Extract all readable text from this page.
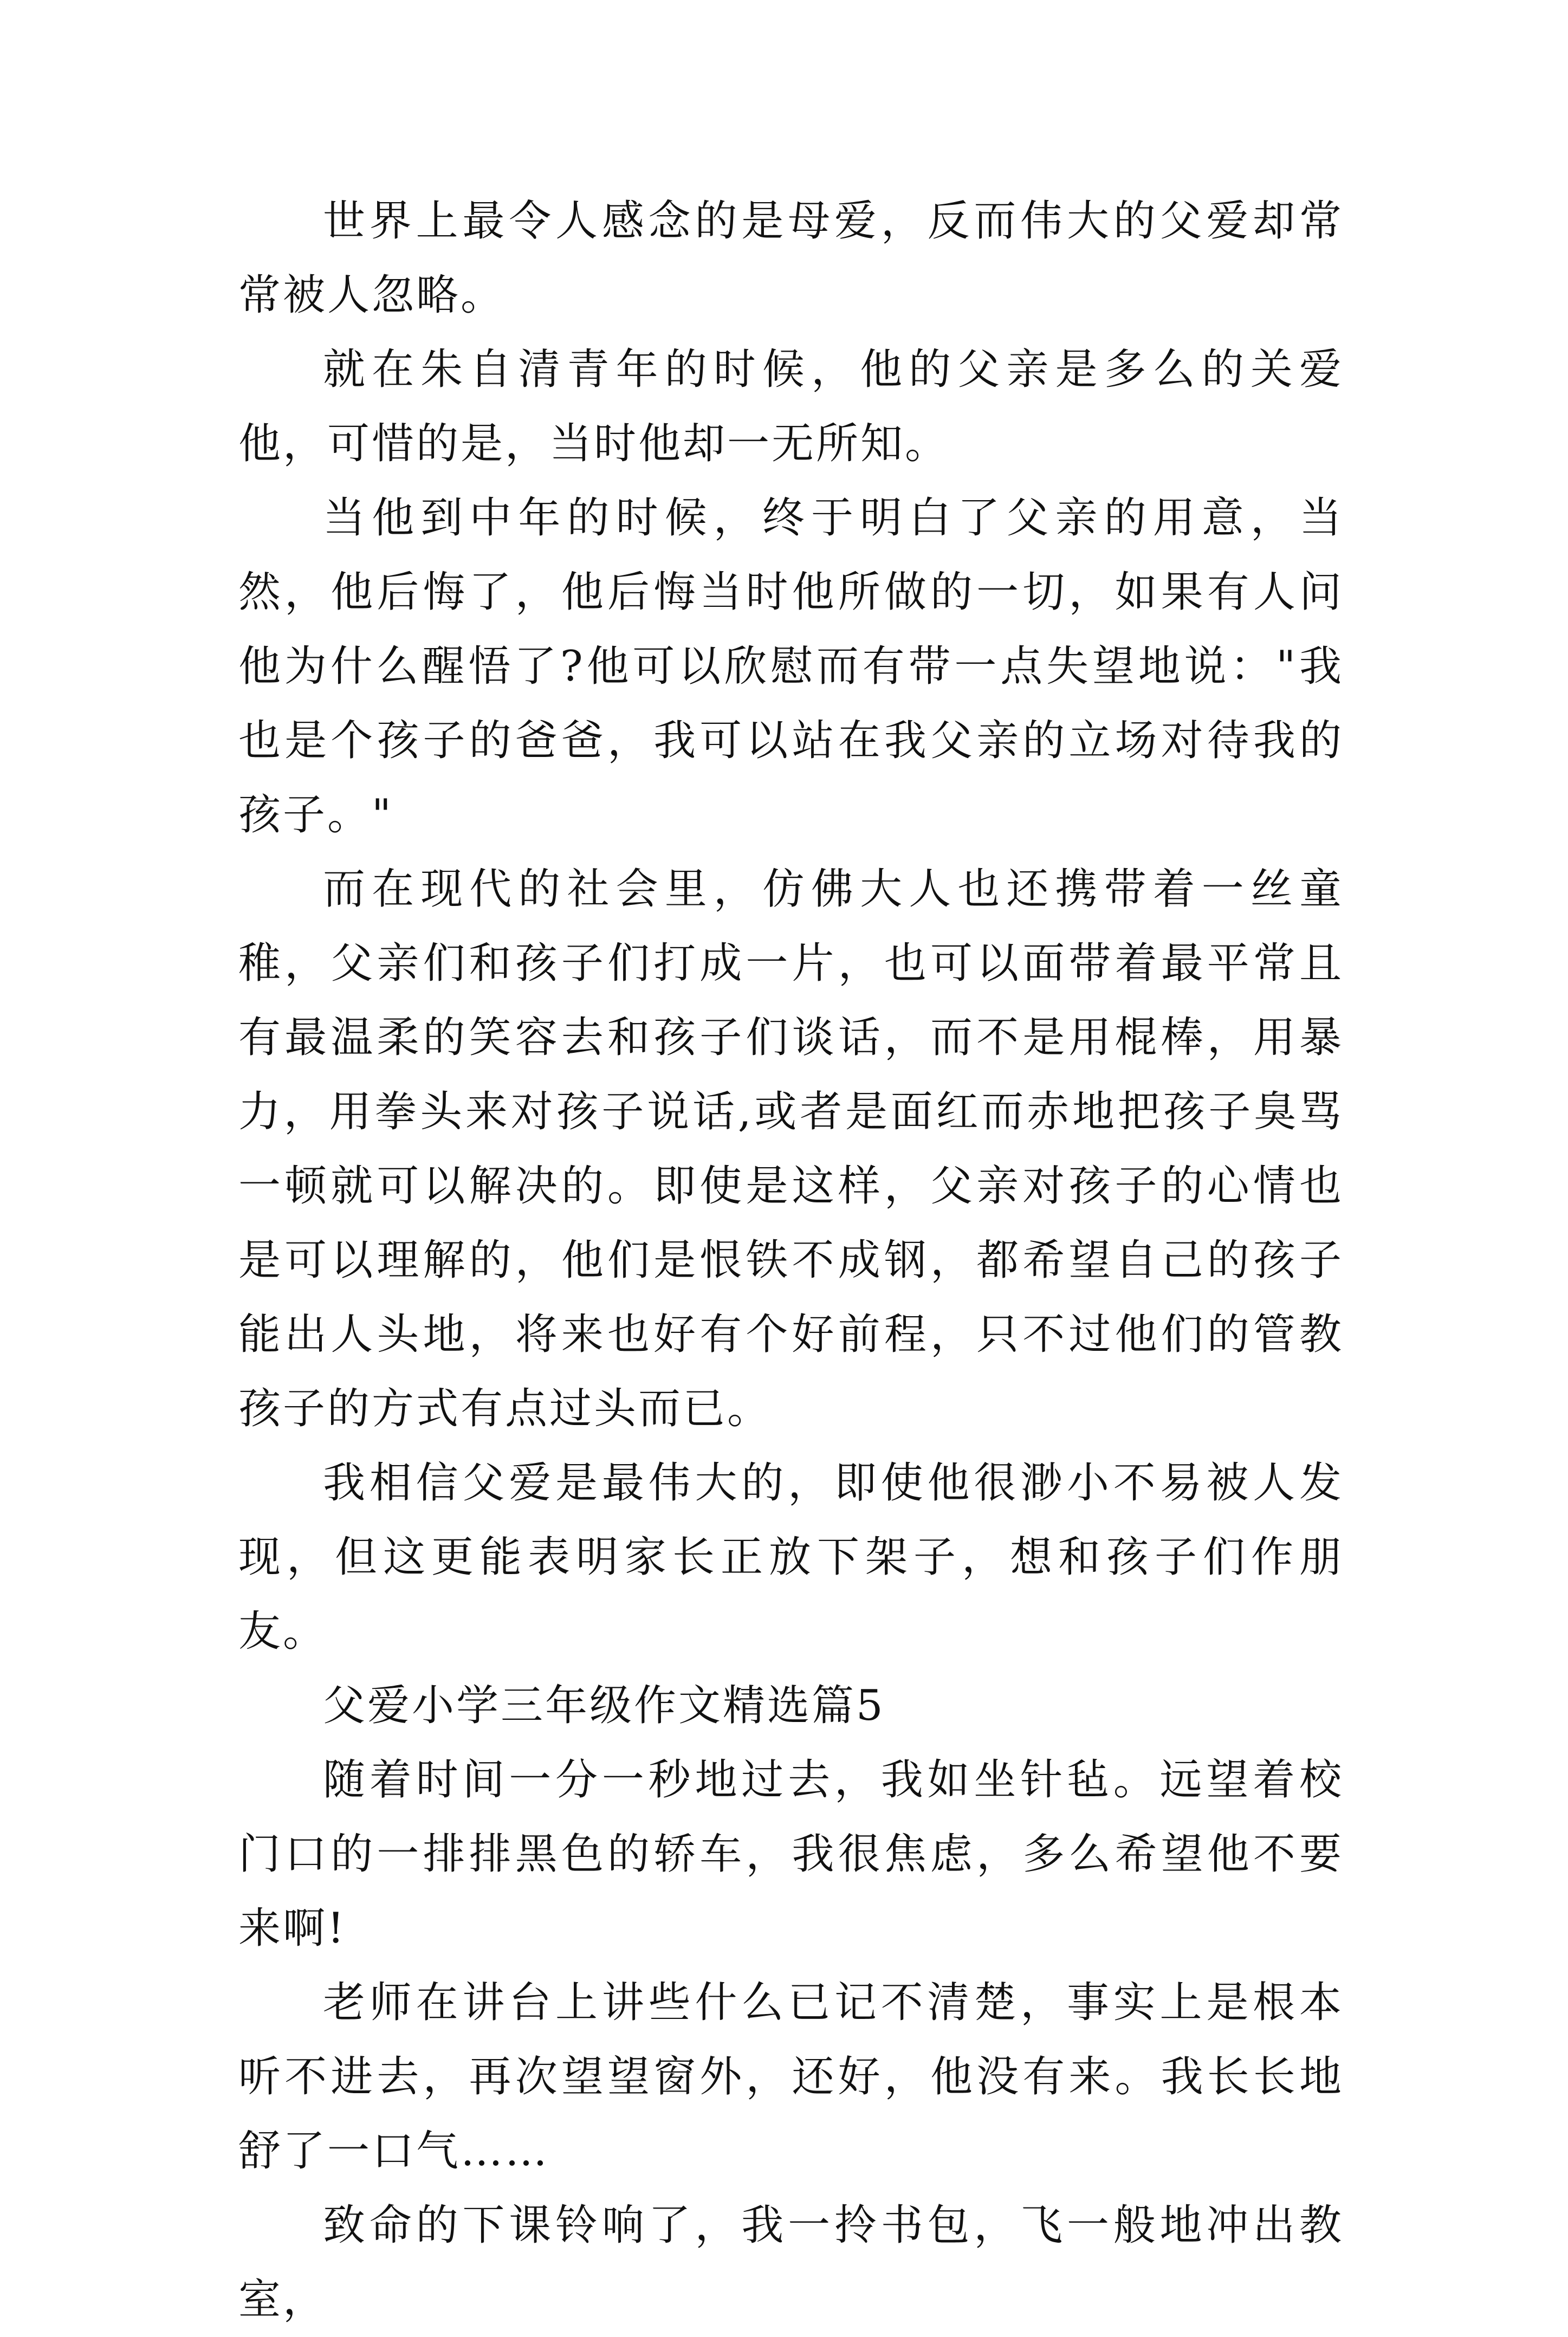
世界上最令人感念的是母爱，反而伟大的父爱却常常被人忽略。

就在朱自清青年的时候，他的父亲是多么的关爱他，可惜的是，当时他却一无所知。

当他到中年的时候，终于明白了父亲的用意，当然，他后悔了，他后悔当时他所做的一切，如果有人问他为什么醒悟了?他可以欣慰而有带一点失望地说："我也是个孩子的爸爸，我可以站在我父亲的立场对待我的孩子。"

而在现代的社会里，仿佛大人也还携带着一丝童稚，父亲们和孩子们打成一片，也可以面带着最平常且有最温柔的笑容去和孩子们谈话，而不是用棍棒，用暴力，用拳头来对孩子说话,或者是面红而赤地把孩子臭骂一顿就可以解决的。即使是这样，父亲对孩子的心情也是可以理解的，他们是恨铁不成钢，都希望自己的孩子能出人头地，将来也好有个好前程，只不过他们的管教孩子的方式有点过头而已。

我相信父爱是最伟大的，即使他很渺小不易被人发现，但这更能表明家长正放下架子，想和孩子们作朋友。

父爱小学三年级作文精选篇5

随着时间一分一秒地过去，我如坐针毡。远望着校门口的一排排黑色的轿车，我很焦虑，多么希望他不要来啊!

老师在讲台上讲些什么已记不清楚，事实上是根本听不进去，再次望望窗外，还好，他没有来。我长长地舒了一口气……

致命的下课铃响了，我一拎书包，飞一般地冲出教室，
